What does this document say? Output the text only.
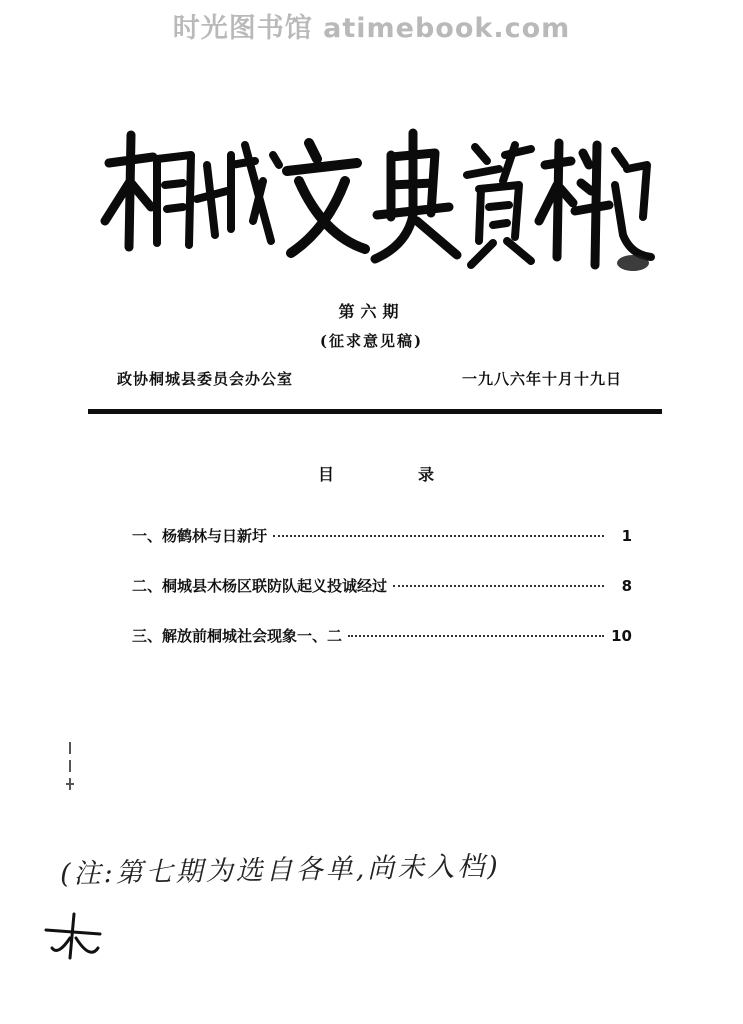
时光图书馆 atimebook.com
桐城文史资料选辑
第六期
(征求意见稿)
政协桐城县委员会办公室	一九八六年十月十九日
目录
一、杨鹤林与日新圩	1
二、桐城县木杨区联防队起义投诚经过	8
三、解放前桐城社会现象一、二	10
(注:第七期为选自各单,尚未入档)
